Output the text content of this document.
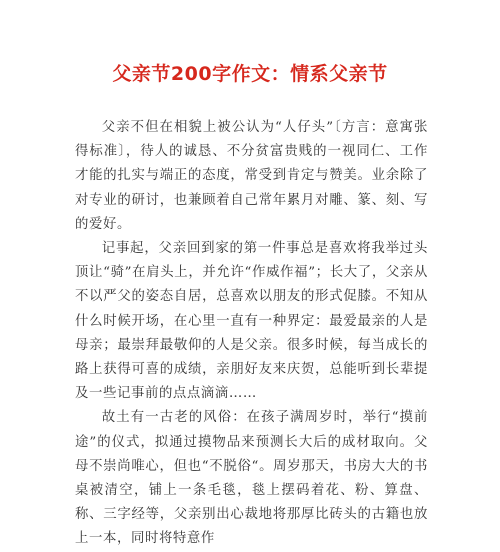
父亲节200字作文：情系父亲节

父亲不但在相貌上被公认为“人仔头”〔方言：意寓张得标准〕，待人的诚恳、不分贫富贵贱的一视同仁、工作才能的扎实与端正的态度，常受到肯定与赞美。业余除了对专业的研讨，也兼顾着自己常年累月对雕、篆、刻、写的爱好。

记事起，父亲回到家的第一件事总是喜欢将我举过头顶让“骑”在肩头上，并允许“作威作福”；长大了，父亲从不以严父的姿态自居，总喜欢以朋友的形式促膝。不知从什么时候开场，在心里一直有一种界定：最爱最亲的人是母亲；最崇拜最敬仰的人是父亲。很多时候，每当成长的路上获得可喜的成绩，亲朋好友来庆贺，总能听到长辈提及一些记事前的点点滴滴……

故土有一古老的风俗：在孩子满周岁时，举行“摸前途”的仪式，拟通过摸物品来预测长大后的成材取向。父母不崇尚唯心，但也“不脱俗“。周岁那天，书房大大的书桌被清空，铺上一条毛毯，毯上摆码着花、粉、算盘、称、三字经等，父亲别出心裁地将那厚比砖头的古籍也放上一本，同时将特意作
